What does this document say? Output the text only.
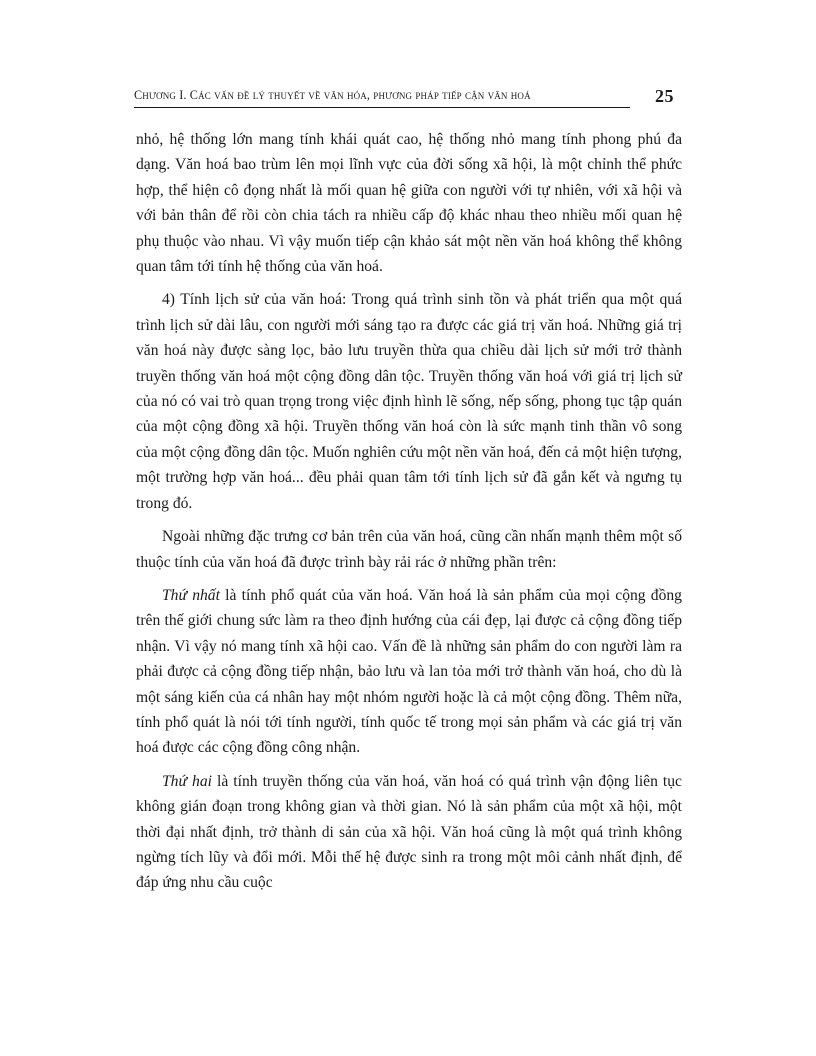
Chương I. Các vấn đề lý thuyết về văn hóa, phương pháp tiếp cận văn hoá	25

nhỏ, hệ thống lớn mang tính khái quát cao, hệ thống nhỏ mang tính phong phú đa dạng. Văn hoá bao trùm lên mọi lĩnh vực của đời sống xã hội, là một chỉnh thể phức hợp, thể hiện cô đọng nhất là mối quan hệ giữa con người với tự nhiên, với xã hội và với bản thân để rồi còn chia tách ra nhiều cấp độ khác nhau theo nhiều mối quan hệ phụ thuộc vào nhau. Vì vậy muốn tiếp cận khảo sát một nền văn hoá không thể không quan tâm tới tính hệ thống của văn hoá.

4) Tính lịch sử của văn hoá: Trong quá trình sinh tồn và phát triển qua một quá trình lịch sử dài lâu, con người mới sáng tạo ra được các giá trị văn hoá. Những giá trị văn hoá này được sàng lọc, bảo lưu truyền thừa qua chiều dài lịch sử mới trở thành truyền thống văn hoá một cộng đồng dân tộc. Truyền thống văn hoá với giá trị lịch sử của nó có vai trò quan trọng trong việc định hình lẽ sống, nếp sống, phong tục tập quán của một cộng đồng xã hội. Truyền thống văn hoá còn là sức mạnh tinh thần vô song của một cộng đồng dân tộc. Muốn nghiên cứu một nền văn hoá, đến cả một hiện tượng, một trường hợp văn hoá... đều phải quan tâm tới tính lịch sử đã gắn kết và ngưng tụ trong đó.

Ngoài những đặc trưng cơ bản trên của văn hoá, cũng cần nhấn mạnh thêm một số thuộc tính của văn hoá đã được trình bày rải rác ở những phần trên:

Thứ nhất là tính phổ quát của văn hoá. Văn hoá là sản phẩm của mọi cộng đồng trên thế giới chung sức làm ra theo định hướng của cái đẹp, lại được cả cộng đồng tiếp nhận. Vì vậy nó mang tính xã hội cao. Vấn đề là những sản phẩm do con người làm ra phải được cả cộng đồng tiếp nhận, bảo lưu và lan tỏa mới trở thành văn hoá, cho dù là một sáng kiến của cá nhân hay một nhóm người hoặc là cả một cộng đồng. Thêm nữa, tính phổ quát là nói tới tính người, tính quốc tế trong mọi sản phẩm và các giá trị văn hoá được các cộng đồng công nhận.

Thứ hai là tính truyền thống của văn hoá, văn hoá có quá trình vận động liên tục không gián đoạn trong không gian và thời gian. Nó là sản phẩm của một xã hội, một thời đại nhất định, trở thành di sản của xã hội. Văn hoá cũng là một quá trình không ngừng tích lũy và đổi mới. Mỗi thế hệ được sinh ra trong một môi cảnh nhất định, để đáp ứng nhu cầu cuộc
